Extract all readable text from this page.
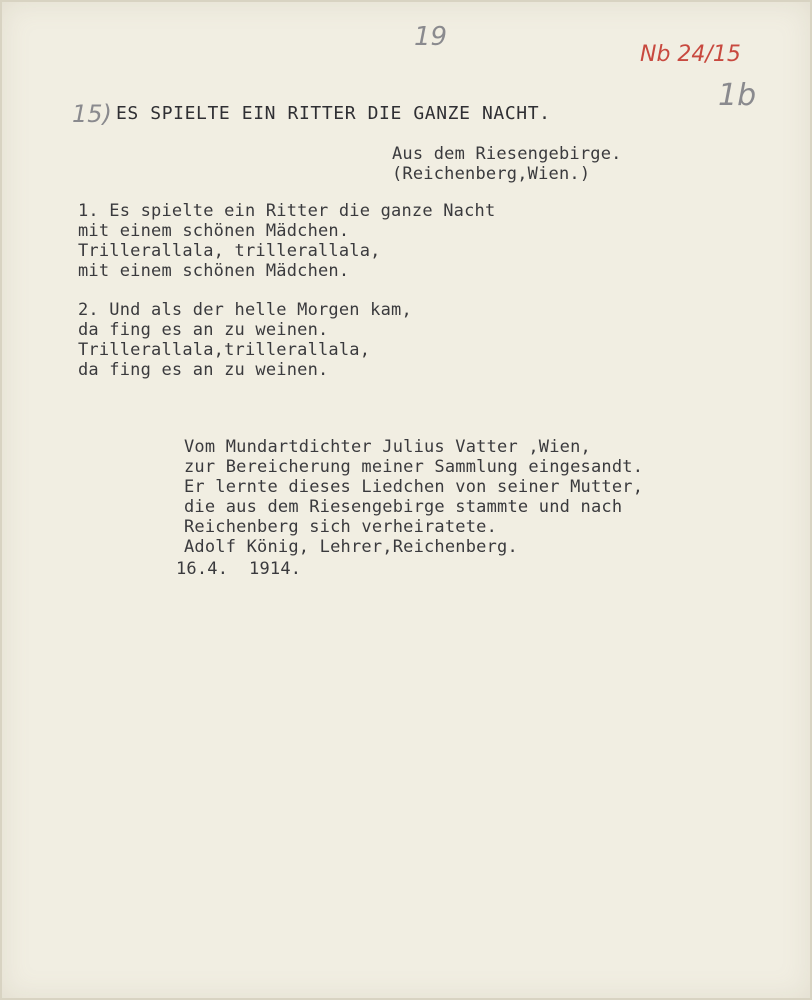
19
Nb 24/15
1b
15) ES SPIELTE EIN RITTER DIE GANZE NACHT.
Aus dem Riesengebirge.
(Reichenberg,Wien.)
1. Es spielte ein Ritter die ganze Nacht
mit einem schönen Mädchen.
Trillerallala, trillerallala,
mit einem schönen Mädchen.
2. Und als der helle Morgen kam,
da fing es an zu weinen.
Trillerallala,trillerallala,
da fing es an zu weinen.
Vom Mundartdichter Julius Vatter ,Wien,
zur Bereicherung meiner Sammlung eingesandt.
Er lernte dieses Liedchen von seiner Mutter,
die aus dem Riesengebirge stammte und nach
Reichenberg sich verheiratete.
Adolf König, Lehrer,Reichenberg.
16.4.  1914.
